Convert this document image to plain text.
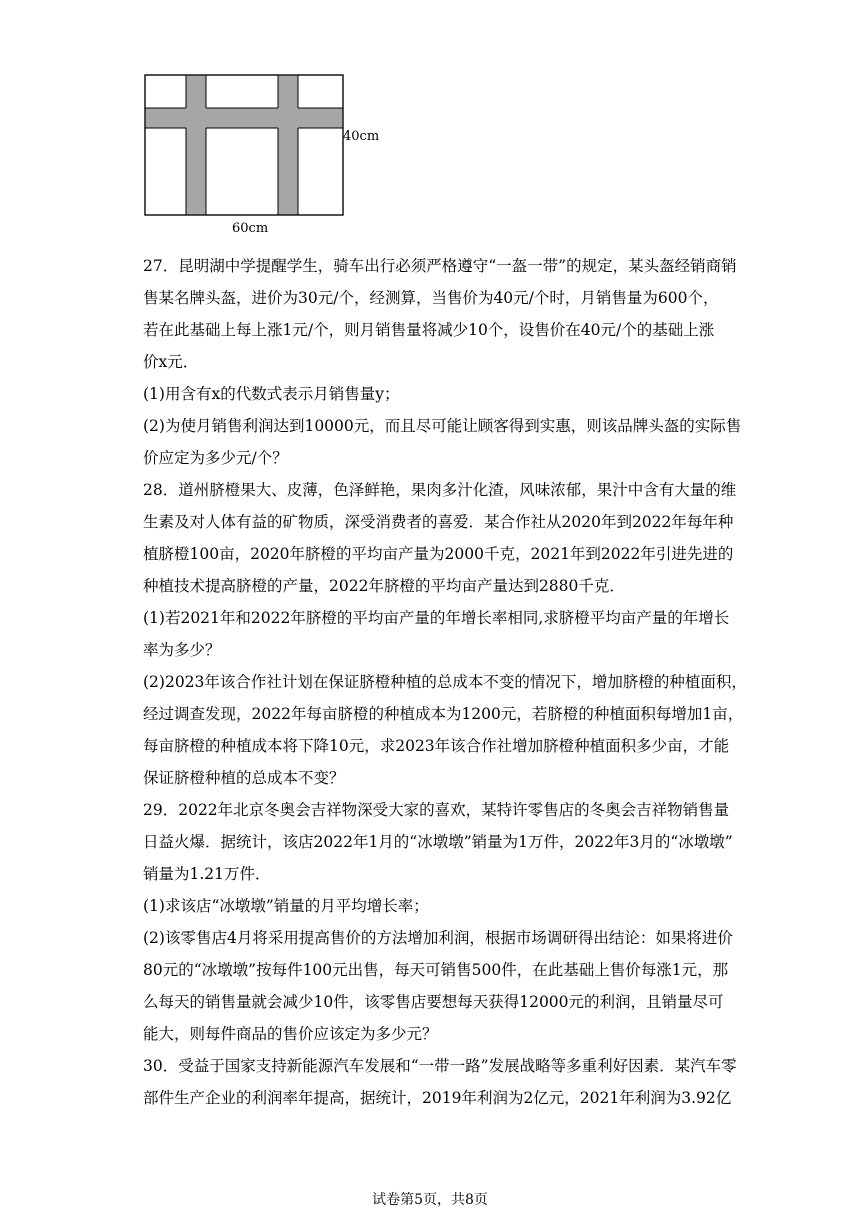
40cm
60cm
27．昆明湖中学提醒学生，骑车出行必须严格遵守“一盔一带”的规定，某头盔经销商销
售某名牌头盔，进价为30元/个，经测算，当售价为40元/个时，月销售量为600个，
若在此基础上每上涨1元/个，则月销售量将减少10个，设售价在40元/个的基础上涨
价x元．
(1)用含有x的代数式表示月销售量y；
(2)为使月销售利润达到10000元，而且尽可能让顾客得到实惠，则该品牌头盔的实际售
价应定为多少元/个？
28．道州脐橙果大、皮薄，色泽鲜艳，果肉多汁化渣，风味浓郁，果汁中含有大量的维
生素及对人体有益的矿物质，深受消费者的喜爱．某合作社从2020年到2022年每年种
植脐橙100亩，2020年脐橙的平均亩产量为2000千克，2021年到2022年引进先进的
种植技术提高脐橙的产量，2022年脐橙的平均亩产量达到2880千克．
(1)若2021年和2022年脐橙的平均亩产量的年增长率相同,求脐橙平均亩产量的年增长
率为多少？
(2)2023年该合作社计划在保证脐橙种植的总成本不变的情况下，增加脐橙的种植面积，
经过调查发现，2022年每亩脐橙的种植成本为1200元，若脐橙的种植面积每增加1亩，
每亩脐橙的种植成本将下降10元，求2023年该合作社增加脐橙种植面积多少亩，才能
保证脐橙种植的总成本不变？
29．2022年北京冬奥会吉祥物深受大家的喜欢，某特许零售店的冬奥会吉祥物销售量
日益火爆．据统计，该店2022年1月的“冰墩墩”销量为1万件，2022年3月的“冰墩墩”
销量为1.21万件．
(1)求该店“冰墩墩”销量的月平均增长率；
(2)该零售店4月将采用提高售价的方法增加利润，根据市场调研得出结论：如果将进价
80元的“冰墩墩”按每件100元出售，每天可销售500件，在此基础上售价每涨1元，那
么每天的销售量就会减少10件，该零售店要想每天获得12000元的利润，且销量尽可
能大，则每件商品的售价应该定为多少元？
30．受益于国家支持新能源汽车发展和“一带一路”发展战略等多重利好因素．某汽车零
部件生产企业的利润率年提高，据统计，2019年利润为2亿元，2021年利润为3.92亿
试卷第5页，共8页
